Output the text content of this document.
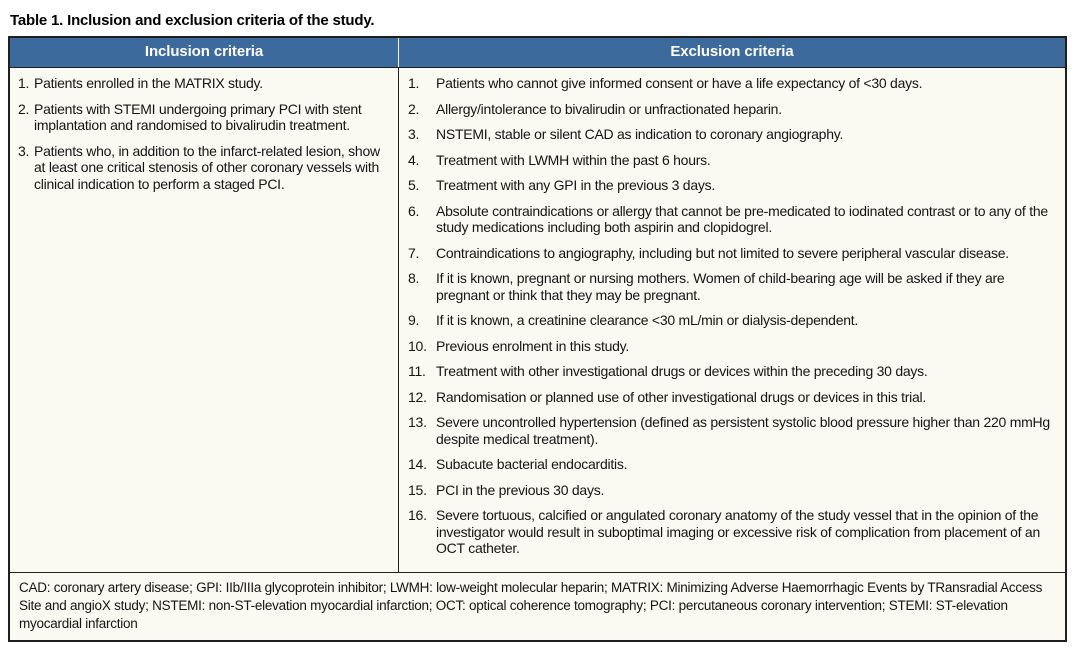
Table 1. Inclusion and exclusion criteria of the study.
Inclusion criteria	Exclusion criteria
Patients enrolled in the MATRIX study.
Patients with STEMI undergoing primary PCI with stent implantation and randomised to bivalirudin treatment.
Patients who, in addition to the infarct-related lesion, show at least one critical stenosis of other coronary vessels with clinical indication to perform a staged PCI.
Patients who cannot give informed consent or have a life expectancy of <30 days.
Allergy/intolerance to bivalirudin or unfractionated heparin.
NSTEMI, stable or silent CAD as indication to coronary angiography.
Treatment with LWMH within the past 6 hours.
Treatment with any GPI in the previous 3 days.
Absolute contraindications or allergy that cannot be pre-medicated to iodinated contrast or to any of the study medications including both aspirin and clopidogrel.
Contraindications to angiography, including but not limited to severe peripheral vascular disease.
If it is known, pregnant or nursing mothers. Women of child-bearing age will be asked if they are pregnant or think that they may be pregnant.
If it is known, a creatinine clearance <30 mL/min or dialysis-dependent.
Previous enrolment in this study.
Treatment with other investigational drugs or devices within the preceding 30 days.
Randomisation or planned use of other investigational drugs or devices in this trial.
Severe uncontrolled hypertension (defined as persistent systolic blood pressure higher than 220 mmHg despite medical treatment).
Subacute bacterial endocarditis.
PCI in the previous 30 days.
Severe tortuous, calcified or angulated coronary anatomy of the study vessel that in the opinion of the investigator would result in suboptimal imaging or excessive risk of complication from placement of an OCT catheter.
CAD: coronary artery disease; GPI: IIb/IIIa glycoprotein inhibitor; LWMH: low-weight molecular heparin; MATRIX: Minimizing Adverse Haemorrhagic Events by TRansradial Access Site and angioX study; NSTEMI: non-ST-elevation myocardial infarction; OCT: optical coherence tomography; PCI: percutaneous coronary intervention; STEMI: ST-elevation myocardial infarction
